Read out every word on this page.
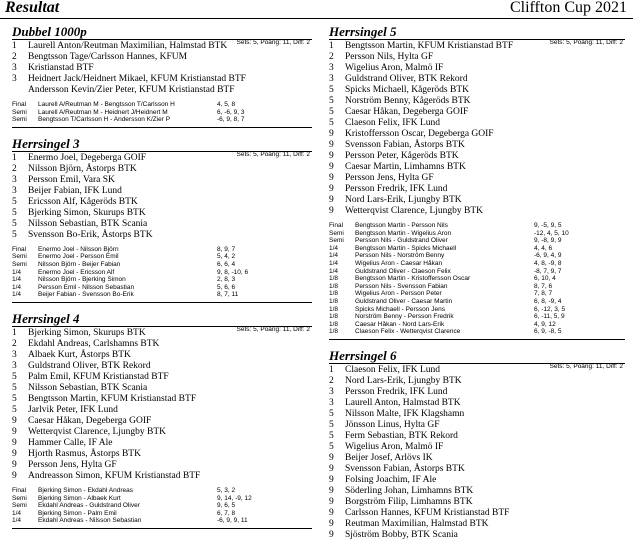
Resultat	Cliffton Cup 2021
Dubbel 1000p
Sets: 5, Poäng: 11, Diff: 2
1	Laurell Anton/Reutman Maximilian, Halmstad BTK
2	Bengtsson Tage/Carlsson Hannes, KFUM
3	Kristianstad BTF
3	Heidnert Jack/Heidnert Mikael, KFUM Kristianstad BTF
Andersson Kevin/Zier Peter, KFUM Kristianstad BTF
Final	Laurell A/Reutman M - Bengtsson T/Carlsson H	4, 5, 8
Semi	Laurell A/Reutman M - Heidnert J/Heidnert M	6, -6, 9, 3
Semi	Bengtsson T/Carlsson H - Andersson K/Zier P	-6, 9, 8, 7
Herrsingel 3
Sets: 5, Poäng: 11, Diff: 2
1	Enermo Joel, Degeberga GOIF
2	Nilsson Björn, Åstorps BTK
3	Persson Emil, Vara SK
3	Beijer Fabian, IFK Lund
5	Ericsson Alf, Kågeröds BTK
5	Bjerking Simon, Skurups BTK
5	Nilsson Sebastian, BTK Scania
5	Svensson Bo-Erik, Åstorps BTK
Final	Enermo Joel - Nilsson Björn	8, 9, 7
Semi	Enermo Joel - Persson Emil	5, 4, 2
Semi	Nilsson Björn - Beijer Fabian	6, 6, 4
1/4	Enermo Joel - Ericsson Alf	9, 8, -10, 6
1/4	Nilsson Björn - Bjerking Simon	2, 8, 3
1/4	Persson Emil - Nilsson Sebastian	5, 6, 6
1/4	Beijer Fabian - Svensson Bo-Erik	8, 7, 11
Herrsingel 4
Sets: 5, Poäng: 11, Diff: 2
1	Bjerking Simon, Skurups BTK
2	Ekdahl Andreas, Carlshamns BTK
3	Albaek Kurt, Åstorps BTK
3	Guldstrand Oliver, BTK Rekord
5	Palm Emil, KFUM Kristianstad BTF
5	Nilsson Sebastian, BTK Scania
5	Bengtsson Martin, KFUM Kristianstad BTF
5	Jarlvik Peter, IFK Lund
9	Caesar Håkan, Degeberga GOIF
9	Wetterqvist Clarence, Ljungby BTK
9	Hammer Calle, IF Ale
9	Hjorth Rasmus, Åstorps BTK
9	Persson Jens, Hylta GF
9	Andreasson Simon, KFUM Kristianstad BTF
Final	Bjerking Simon - Ekdahl Andreas	5, 3, 2
Semi	Bjerking Simon - Albaek Kurt	9, 14, -9, 12
Semi	Ekdahl Andreas - Guldstrand Oliver	9, 6, 5
1/4	Bjerking Simon - Palm Emil	6, 7, 8
1/4	Ekdahl Andreas - Nilsson Sebastian	-6, 9, 9, 11
Herrsingel 5
Sets: 5, Poäng: 11, Diff: 2
1	Bengtsson Martin, KFUM Kristianstad BTF
2	Persson Nils, Hylta GF
3	Wigelius Aron, Malmö IF
3	Guldstrand Oliver, BTK Rekord
5	Spicks Michaell, Kågeröds BTK
5	Norström Benny, Kågeröds BTK
5	Caesar Håkan, Degeberga GOIF
5	Claeson Felix, IFK Lund
9	Kristoffersson Oscar, Degeberga GOIF
9	Svensson Fabian, Åstorps BTK
9	Persson Peter, Kågeröds BTK
9	Caesar Martin, Limhamns BTK
9	Persson Jens, Hylta GF
9	Persson Fredrik, IFK Lund
9	Nord Lars-Erik, Ljungby BTK
9	Wetterqvist Clarence, Ljungby BTK
Final	Bengtsson Martin - Persson Nils	9, -5, 9, 5
Semi	Bengtsson Martin - Wigelius Aron	-12, 4, 5, 10
Semi	Persson Nils - Guldstrand Oliver	9, -8, 9, 9
1/4	Bengtsson Martin - Spicks Michaell	4, 4, 6
1/4	Persson Nils - Norström Benny	-6, 9, 4, 9
1/4	Wigelius Aron - Caesar Håkan	4, 8, -9, 8
1/4	Guldstrand Oliver - Claeson Felix	-8, 7, 9, 7
1/8	Bengtsson Martin - Kristoffersson Oscar	6, 10, 4
1/8	Persson Nils - Svensson Fabian	8, 7, 6
1/8	Wigelius Aron - Persson Peter	7, 8, 7
1/8	Guldstrand Oliver - Caesar Martin	6, 8, -9, 4
1/8	Spicks Michaell - Persson Jens	6, -12, 3, 5
1/8	Norström Benny - Persson Fredrik	6, -11, 5, 9
1/8	Caesar Håkan - Nord Lars-Erik	4, 9, 12
1/8	Claeson Felix - Wetterqvist Clarence	6, 9, -8, 5
Herrsingel 6
Sets: 5, Poäng: 11, Diff: 2
1	Claeson Felix, IFK Lund
2	Nord Lars-Erik, Ljungby BTK
3	Persson Fredrik, IFK Lund
3	Laurell Anton, Halmstad BTK
5	Nilsson Malte, IFK Klagshamn
5	Jönsson Linus, Hylta GF
5	Ferm Sebastian, BTK Rekord
5	Wigelius Aron, Malmö IF
9	Beijer Josef, Arlövs IK
9	Svensson Fabian, Åstorps BTK
9	Folsing Joachim, IF Ale
9	Söderling Johan, Limhamns BTK
9	Borgström Filip, Limhamns BTK
9	Carlsson Hannes, KFUM Kristianstad BTF
9	Reutman Maximilian, Halmstad BTK
9	Sjöström Bobby, BTK Scania
